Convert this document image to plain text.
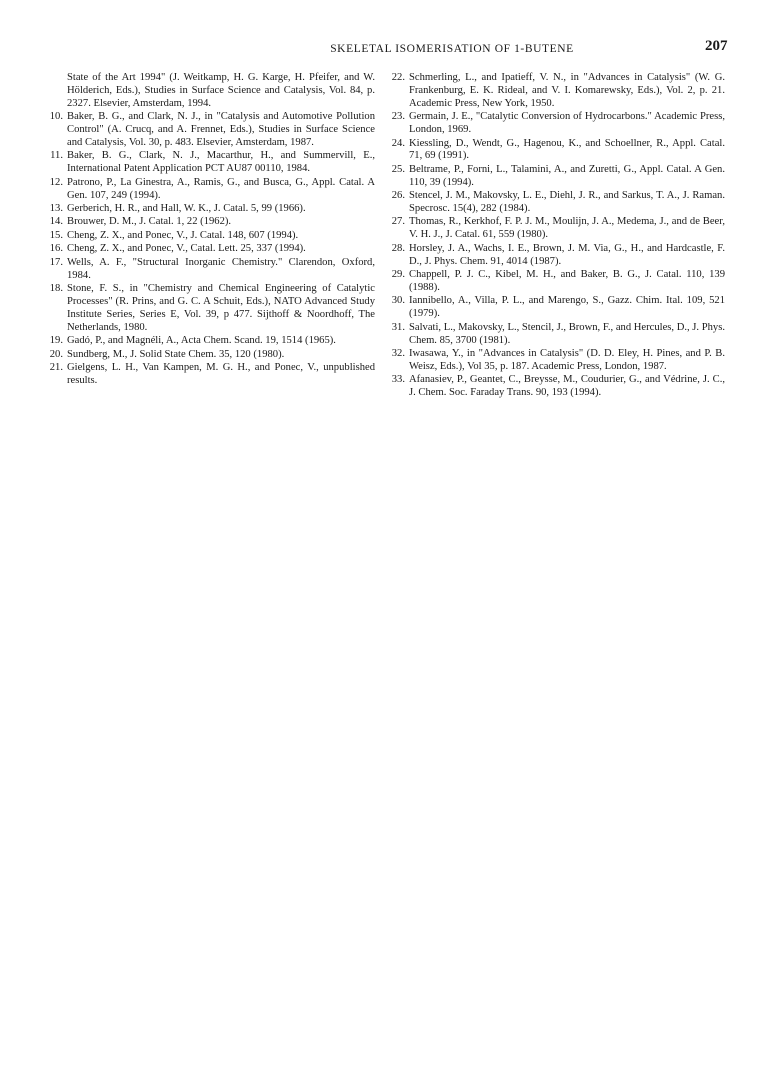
SKELETAL ISOMERISATION OF 1-BUTENE	207
State of the Art 1994" (J. Weitkamp, H. G. Karge, H. Pfeifer, and W. Hölderich, Eds.), Studies in Surface Science and Catalysis, Vol. 84, p. 2327. Elsevier, Amsterdam, 1994.
10. Baker, B. G., and Clark, N. J., in "Catalysis and Automotive Pollution Control" (A. Crucq, and A. Frennet, Eds.), Studies in Surface Science and Catalysis, Vol. 30, p. 483. Elsevier, Amsterdam, 1987.
11. Baker, B. G., Clark, N. J., Macarthur, H., and Summervill, E., International Patent Application PCT AU87 00110, 1984.
12. Patrono, P., La Ginestra, A., Ramis, G., and Busca, G., Appl. Catal. A Gen. 107, 249 (1994).
13. Gerberich, H. R., and Hall, W. K., J. Catal. 5, 99 (1966).
14. Brouwer, D. M., J. Catal. 1, 22 (1962).
15. Cheng, Z. X., and Ponec, V., J. Catal. 148, 607 (1994).
16. Cheng, Z. X., and Ponec, V., Catal. Lett. 25, 337 (1994).
17. Wells, A. F., "Structural Inorganic Chemistry." Clarendon, Oxford, 1984.
18. Stone, F. S., in "Chemistry and Chemical Engineering of Catalytic Processes" (R. Prins, and G. C. A Schuit, Eds.), NATO Advanced Study Institute Series, Series E, Vol. 39, p 477. Sijthoff & Noordhoff, The Netherlands, 1980.
19. Gadó, P., and Magnéli, A., Acta Chem. Scand. 19, 1514 (1965).
20. Sundberg, M., J. Solid State Chem. 35, 120 (1980).
21. Gielgens, L. H., Van Kampen, M. G. H., and Ponec, V., unpublished results.
22. Schmerling, L., and Ipatieff, V. N., in "Advances in Catalysis" (W. G. Frankenburg, E. K. Rideal, and V. I. Komarewsky, Eds.), Vol. 2, p. 21. Academic Press, New York, 1950.
23. Germain, J. E., "Catalytic Conversion of Hydrocarbons." Academic Press, London, 1969.
24. Kiessling, D., Wendt, G., Hagenou, K., and Schoellner, R., Appl. Catal. 71, 69 (1991).
25. Beltrame, P., Forni, L., Talamini, A., and Zuretti, G., Appl. Catal. A Gen. 110, 39 (1994).
26. Stencel, J. M., Makovsky, L. E., Diehl, J. R., and Sarkus, T. A., J. Raman. Specrosc. 15(4), 282 (1984).
27. Thomas, R., Kerkhof, F. P. J. M., Moulijn, J. A., Medema, J., and de Beer, V. H. J., J. Catal. 61, 559 (1980).
28. Horsley, J. A., Wachs, I. E., Brown, J. M. Via, G., H., and Hardcastle, F. D., J. Phys. Chem. 91, 4014 (1987).
29. Chappell, P. J. C., Kibel, M. H., and Baker, B. G., J. Catal. 110, 139 (1988).
30. Iannibello, A., Villa, P. L., and Marengo, S., Gazz. Chim. Ital. 109, 521 (1979).
31. Salvati, L., Makovsky, L., Stencil, J., Brown, F., and Hercules, D., J. Phys. Chem. 85, 3700 (1981).
32. Iwasawa, Y., in "Advances in Catalysis" (D. D. Eley, H. Pines, and P. B. Weisz, Eds.), Vol 35, p. 187. Academic Press, London, 1987.
33. Afanasiev, P., Geantet, C., Breysse, M., Coudurier, G., and Védrine, J. C., J. Chem. Soc. Faraday Trans. 90, 193 (1994).
